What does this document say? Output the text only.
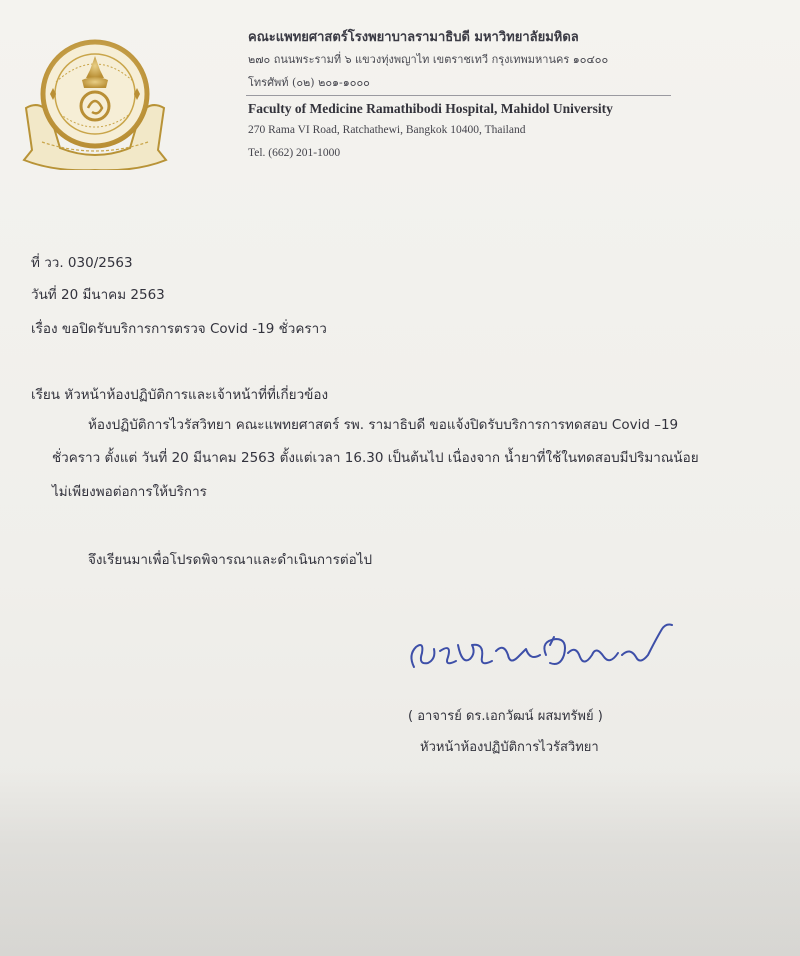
คณะแพทยศาสตร์โรงพยาบาลรามาธิบดี มหาวิทยาลัยมหิดล
๒๗๐ ถนนพระรามที่ ๖ แขวงทุ่งพญาไท เขตราชเทวี กรุงเทพมหานคร ๑๐๔๐๐
โทรศัพท์ (๐๒) ๒๐๑-๑๐๐๐
Faculty of Medicine Ramathibodi Hospital, Mahidol University
270 Rama VI Road, Ratchathewi, Bangkok 10400, Thailand
Tel. (662) 201-1000
ที่ วว. 030/2563
วันที่ 20 มีนาคม 2563
เรื่อง ขอปิดรับบริการการตรวจ Covid -19 ชั่วคราว
เรียน หัวหน้าห้องปฏิบัติการและเจ้าหน้าที่ที่เกี่ยวข้อง
ห้องปฏิบัติการไวรัสวิทยา คณะแพทยศาสตร์ รพ. รามาธิบดี ขอแจ้งปิดรับบริการการทดสอบ Covid –19
ชั่วคราว ตั้งแต่ วันที่ 20 มีนาคม 2563 ตั้งแต่เวลา 16.30 เป็นต้นไป เนื่องจาก น้ำยาที่ใช้ในทดสอบมีปริมาณน้อย
ไม่เพียงพอต่อการให้บริการ
จึงเรียนมาเพื่อโปรดพิจารณาและดำเนินการต่อไป
( อาจารย์ ดร.เอกวัฒน์ ผสมทรัพย์ )
หัวหน้าห้องปฏิบัติการไวรัสวิทยา
